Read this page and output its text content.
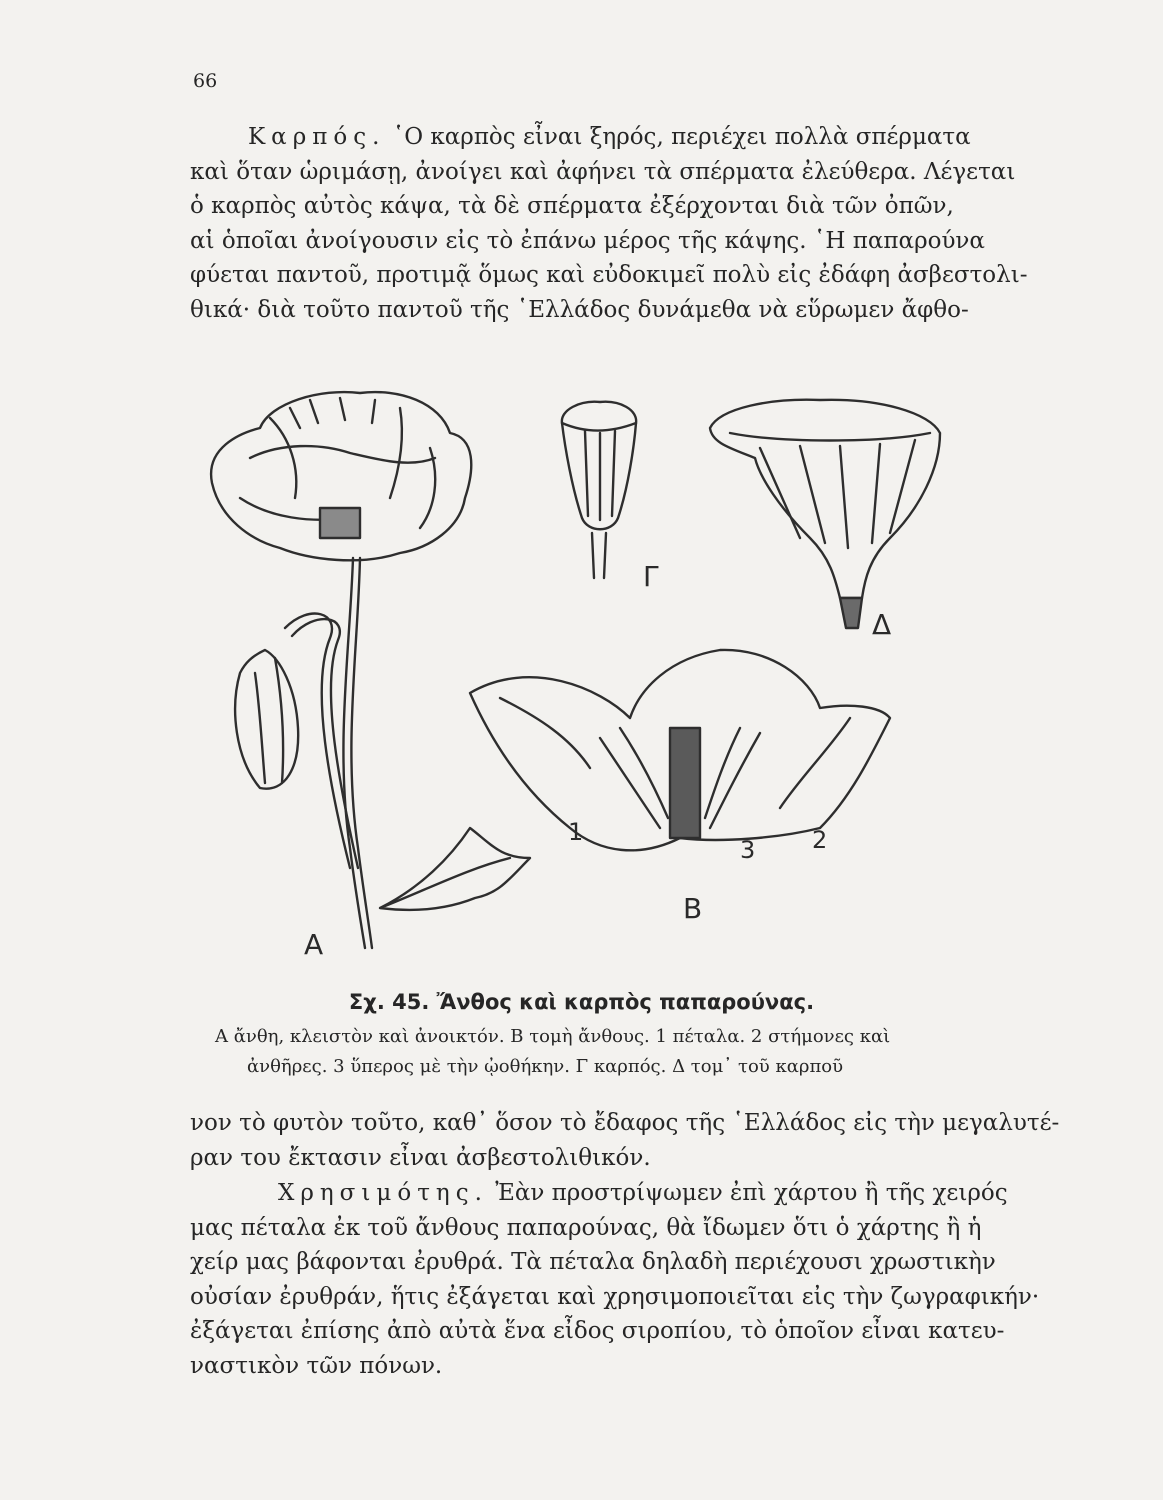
66

Καρπός. ῾Ο καρπὸς εἶναι ξηρός, περιέχει πολλὰ σπέρματα
καὶ ὅταν ὡριμάσῃ, ἀνοίγει καὶ ἀφήνει τὰ σπέρματα ἐλεύθερα. Λέγεται
ὁ καρπὸς αὐτὸς κάψα, τὰ δὲ σπέρματα ἐξέρχονται διὰ τῶν ὀπῶν,
αἱ ὁποῖαι ἀνοίγουσιν εἰς τὸ ἐπάνω μέρος τῆς κάψης. ῾Η παπαρούνα
φύεται παντοῦ, προτιμᾷ ὅμως καὶ εὐδοκιμεῖ πολὺ εἰς ἐδάφη ἀσβεστολι-
θικά· διὰ τοῦτο παντοῦ τῆς ῾Ελλάδος δυνάμεθα νὰ εὕρωμεν ἄφθο-

A
B
Γ
Δ
1
3 2

Σχ. 45. Ἄνθος καὶ καρπὸς παπαρούνας.

Α ἄνθη, κλειστὸν καὶ ἀνοικτόν. Β τομὴ ἄνθους. 1 πέταλα. 2 στήμονες καὶ
ἀνθῆρες. 3 ὕπερος μὲ τὴν ᾠοθήκην. Γ καρπός. Δ τομ᾿ τοῦ καρποῦ

νον τὸ φυτὸν τοῦτο, καθ᾿ ὅσον τὸ ἔδαφος τῆς ῾Ελλάδος εἰς τὴν μεγαλυτέ-
ραν του ἔκτασιν εἶναι ἀσβεστολιθικόν.

Χρησιμότης. Ἐὰν προστρίψωμεν ἐπὶ χάρτου ἢ τῆς χειρός
μας πέταλα ἐκ τοῦ ἄνθους παπαρούνας, θὰ ἴδωμεν ὅτι ὁ χάρτης ἢ ἡ
χείρ μας βάφονται ἐρυθρά. Τὰ πέταλα δηλαδὴ περιέχουσι χρωστικὴν
οὐσίαν ἐρυθράν, ἥτις ἐξάγεται καὶ χρησιμοποιεῖται εἰς τὴν ζωγραφικήν·
ἐξάγεται ἐπίσης ἀπὸ αὐτὰ ἕνα εἶδος σιροπίου, τὸ ὁποῖον εἶναι κατευ-
ναστικὸν τῶν πόνων.
